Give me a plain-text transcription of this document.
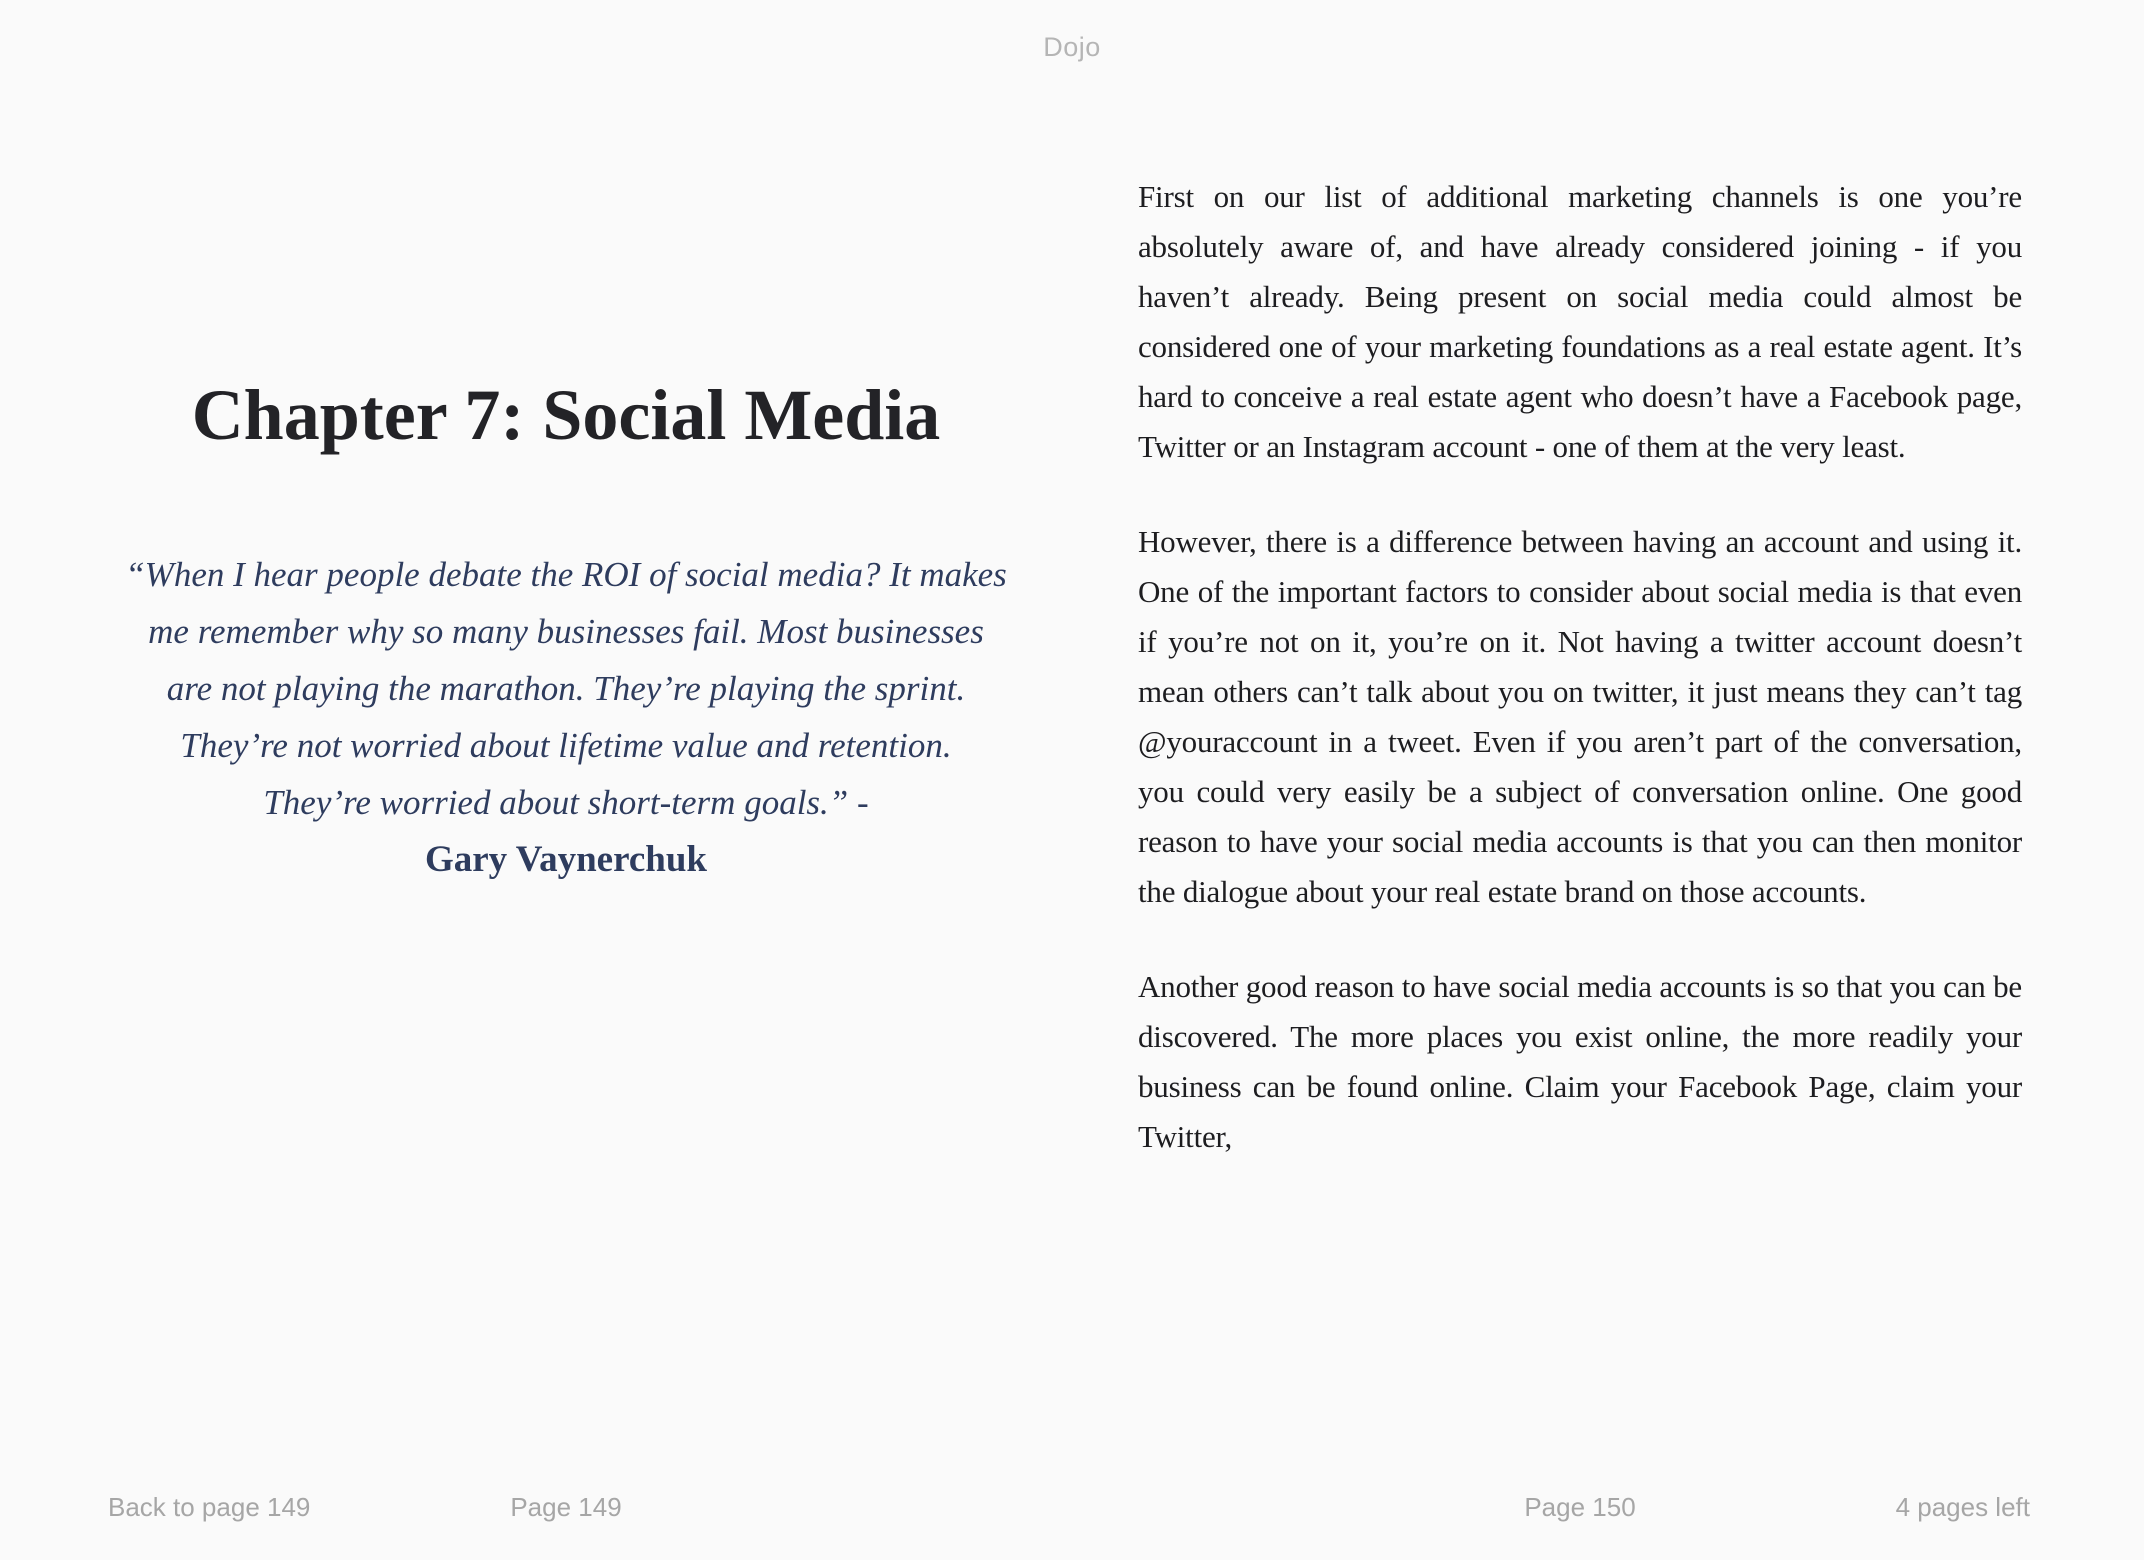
Dojo
Chapter 7: Social Media

“When I hear people debate the ROI of social media? It makes me remember why so many businesses fail. Most businesses are not playing the marathon. They’re playing the sprint. They’re not worried about lifetime value and retention. They’re worried about short-term goals.” -

Gary Vaynerchuk

First on our list of additional marketing channels is one you’re absolutely aware of, and have already considered joining - if you haven’t already. Being present on social media could almost be considered one of your marketing foundations as a real estate agent. It’s hard to conceive a real estate agent who doesn’t have a Facebook page, Twitter or an Instagram account - one of them at the very least.

However, there is a difference between having an account and using it. One of the important factors to consider about social media is that even if you’re not on it, you’re on it. Not having a twitter account doesn’t mean others can’t talk about you on twitter, it just means they can’t tag @youraccount in a tweet. Even if you aren’t part of the conversation, you could very easily be a subject of conversation online. One good reason to have your social media accounts is that you can then monitor the dialogue about your real estate brand on those accounts.

Another good reason to have social media accounts is so that you can be discovered. The more places you exist online, the more readily your business can be found online. Claim your Facebook Page, claim your Twitter,

Back to page 149	Page 149	Page 150	4 pages left
